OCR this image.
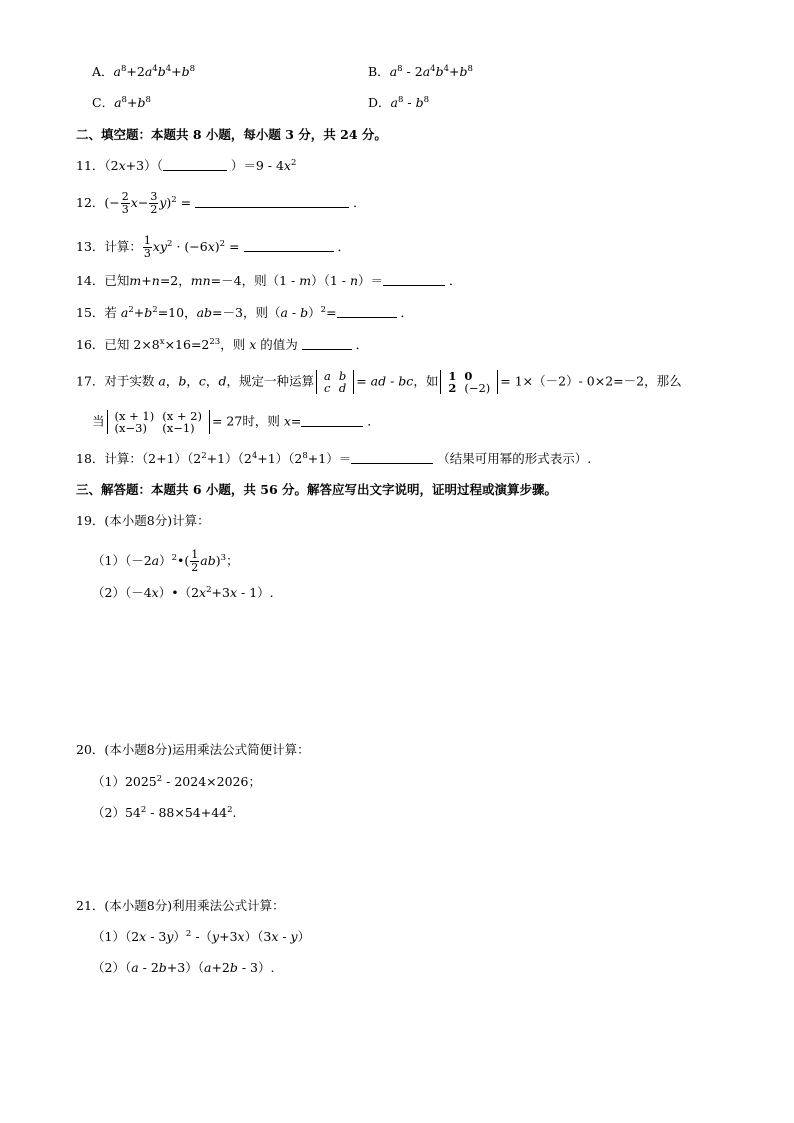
A．$a^8+2a^4b^4+b^8$	B．$a^8 - 2a^4b^4+b^8$
C．$a^8+b^8$	D．$a^8 - b^8$
二、填空题：本题共 8 小题，每小题 3 分，共 24 分。
11．（2x+3）（	）$=9 - 4x^2$
12．(− $\frac{2}{3} x- \frac{3}{2} y)^2$ =	．
13．计算： $\frac{1}{3} xy^2 \cdot (-6x)^2$ =	．
14．已知m+n=2，mn=－4，则（1 - m）（1 - n）＝	．
15．若 $a^2+b^2=10$，ab=－3，则（a - b）$^2$=	．
16．已知 $2\times 8^x\times 16=2^{23}$，则 x 的值为	．
17．对于实数 a，b，c，d，规定一种运算 a	b
c	d = ad - bc，如 1	0
2	(−2) = 1×（－2）- 0×2=－2，那么
当 (x + 1)	(x + 2)
(x−3)	(x−1) = 27时，则 x=	．
18．计算：$(2+1)(2^2+1)(2^4+1)(2^8+1)=$	（结果可用幂的形式表示）.
三、解答题：本题共 6 小题，共 56 分。解答应写出文字说明，证明过程或演算步骤。
19．(本小题8分)计算：
$(1)(-2a)^2•( \frac{1}{2} ab)^3$；
$(2)(-4x)•(2x^2+3x - 1)$.
20．(本小题8分)运用乘法公式简便计算：
（1）2025$^2$ - 2024×2026；
$(2)54^2 - 88\times 54+44^2$.
21．(本小题8分)利用乘法公式计算：
（1）（2x - 3y）$^2$ -（y+3x）（3x - y）
（2）（a - 2b+3）（a+2b - 3）.
